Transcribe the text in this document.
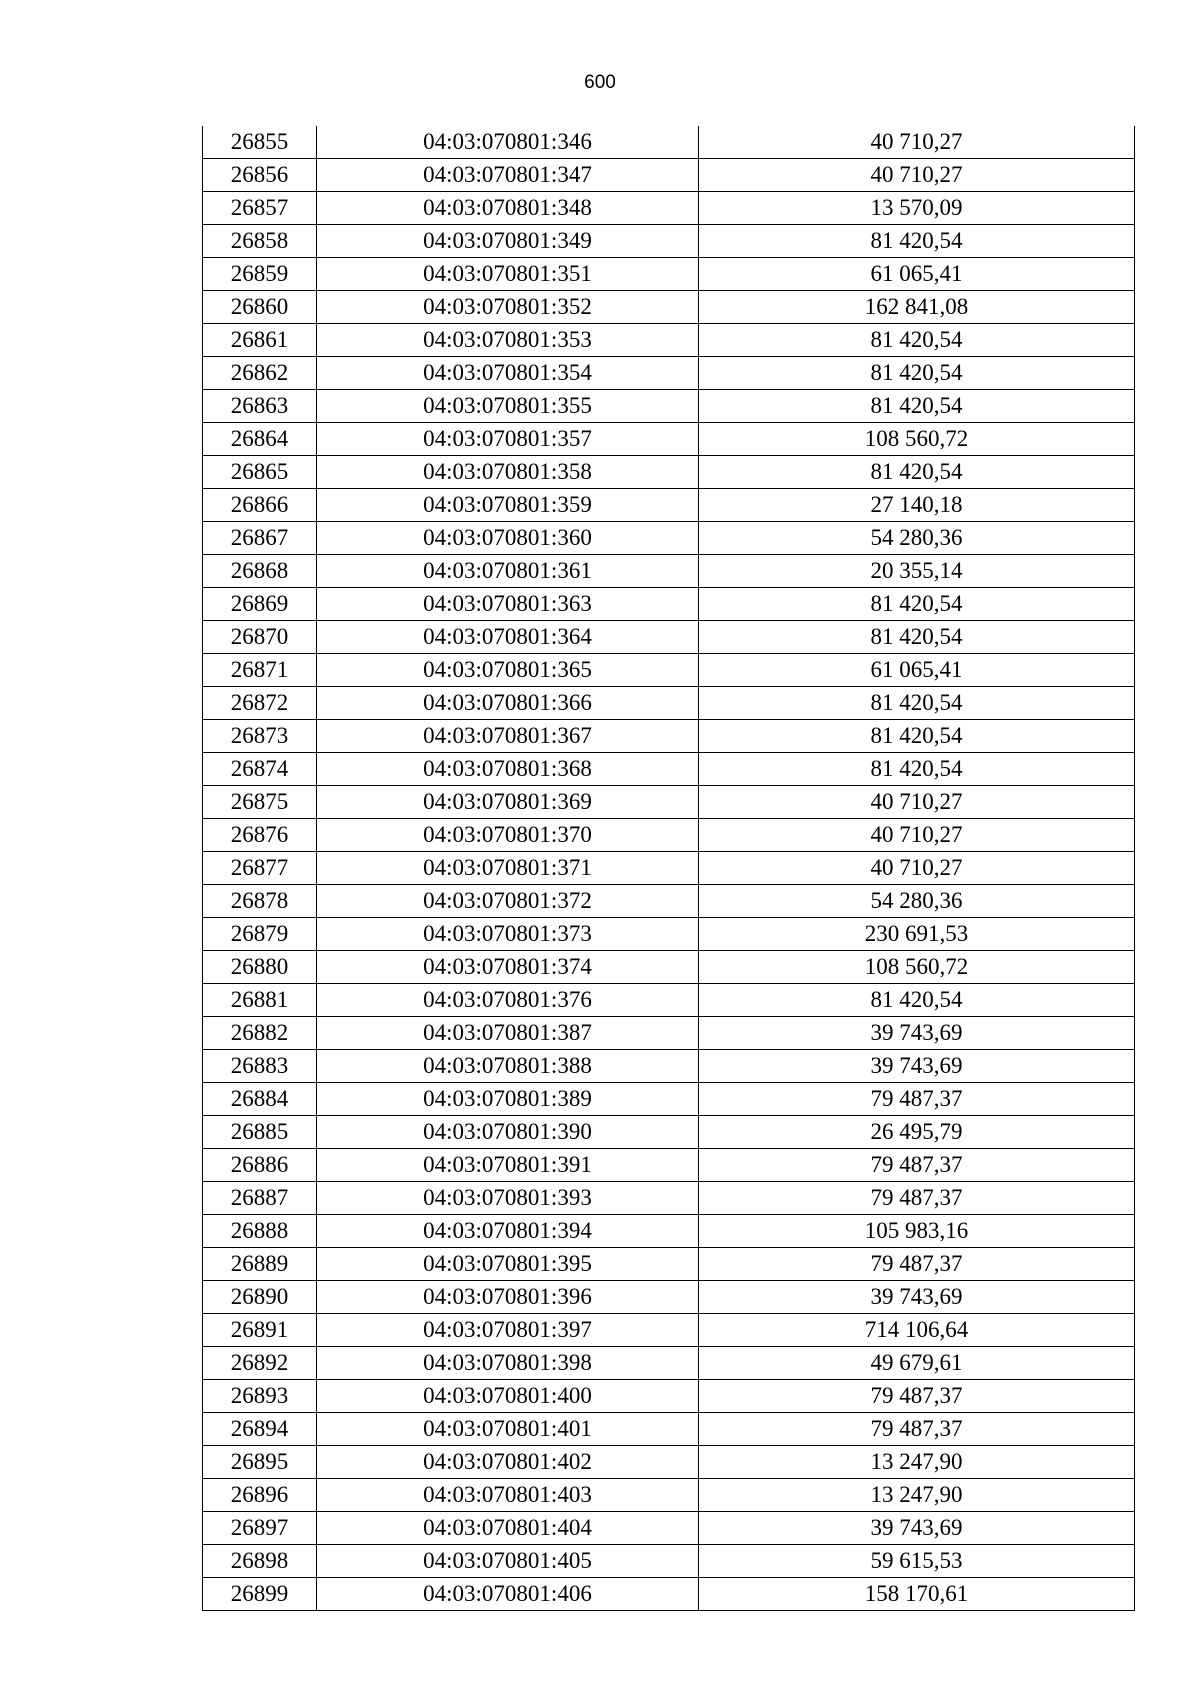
600
26855	04:03:070801:346	40 710,27
26856	04:03:070801:347	40 710,27
26857	04:03:070801:348	13 570,09
26858	04:03:070801:349	81 420,54
26859	04:03:070801:351	61 065,41
26860	04:03:070801:352	162 841,08
26861	04:03:070801:353	81 420,54
26862	04:03:070801:354	81 420,54
26863	04:03:070801:355	81 420,54
26864	04:03:070801:357	108 560,72
26865	04:03:070801:358	81 420,54
26866	04:03:070801:359	27 140,18
26867	04:03:070801:360	54 280,36
26868	04:03:070801:361	20 355,14
26869	04:03:070801:363	81 420,54
26870	04:03:070801:364	81 420,54
26871	04:03:070801:365	61 065,41
26872	04:03:070801:366	81 420,54
26873	04:03:070801:367	81 420,54
26874	04:03:070801:368	81 420,54
26875	04:03:070801:369	40 710,27
26876	04:03:070801:370	40 710,27
26877	04:03:070801:371	40 710,27
26878	04:03:070801:372	54 280,36
26879	04:03:070801:373	230 691,53
26880	04:03:070801:374	108 560,72
26881	04:03:070801:376	81 420,54
26882	04:03:070801:387	39 743,69
26883	04:03:070801:388	39 743,69
26884	04:03:070801:389	79 487,37
26885	04:03:070801:390	26 495,79
26886	04:03:070801:391	79 487,37
26887	04:03:070801:393	79 487,37
26888	04:03:070801:394	105 983,16
26889	04:03:070801:395	79 487,37
26890	04:03:070801:396	39 743,69
26891	04:03:070801:397	714 106,64
26892	04:03:070801:398	49 679,61
26893	04:03:070801:400	79 487,37
26894	04:03:070801:401	79 487,37
26895	04:03:070801:402	13 247,90
26896	04:03:070801:403	13 247,90
26897	04:03:070801:404	39 743,69
26898	04:03:070801:405	59 615,53
26899	04:03:070801:406	158 170,61
